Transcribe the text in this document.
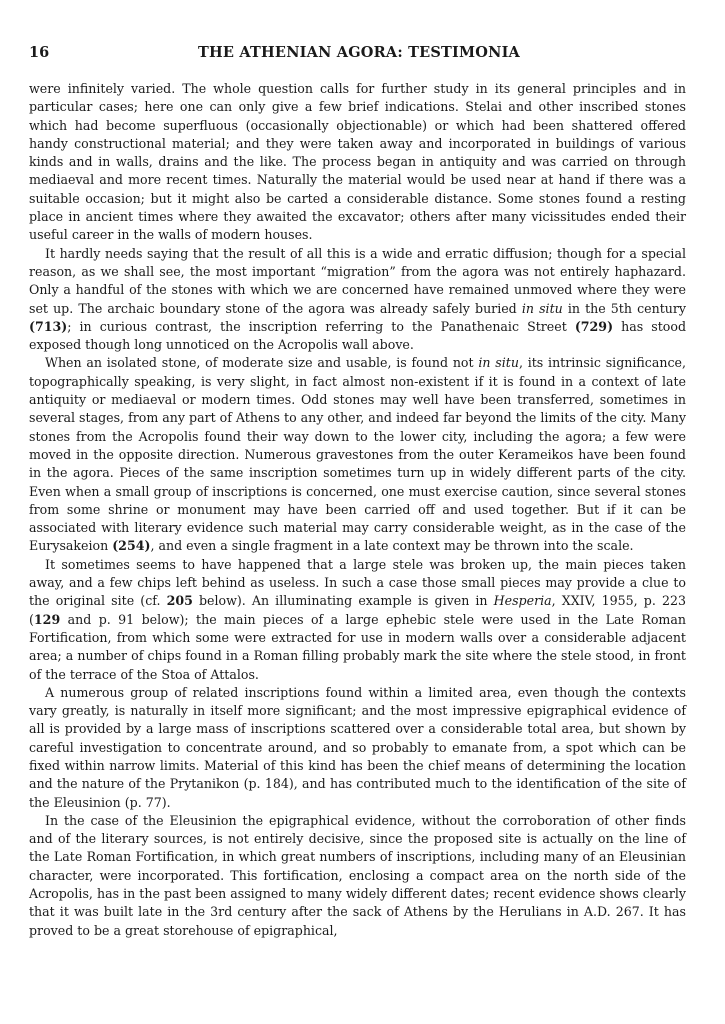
16	THE ATHENIAN AGORA: TESTIMONIA

were infinitely varied. The whole question calls for further study in its general principles and in particular cases; here one can only give a few brief indications. Stelai and other inscribed stones which had become superfluous (occasionally objectionable) or which had been shattered offered handy constructional material; and they were taken away and incorporated in buildings of various kinds and in walls, drains and the like. The process began in antiquity and was carried on through mediaeval and more recent times. Naturally the material would be used near at hand if there was a suitable occasion; but it might also be carted a considerable distance. Some stones found a resting place in ancient times where they awaited the excavator; others after many vicissitudes ended their useful career in the walls of modern houses.

It hardly needs saying that the result of all this is a wide and erratic diffusion; though for a special reason, as we shall see, the most important “migration” from the agora was not entirely haphazard. Only a handful of the stones with which we are concerned have remained unmoved where they were set up. The archaic boundary stone of the agora was already safely buried in situ in the 5th century (713); in curious contrast, the inscription referring to the Panathenaic Street (729) has stood exposed though long unnoticed on the Acropolis wall above.

When an isolated stone, of moderate size and usable, is found not in situ, its intrinsic significance, topographically speaking, is very slight, in fact almost non-existent if it is found in a context of late antiquity or mediaeval or modern times. Odd stones may well have been transferred, sometimes in several stages, from any part of Athens to any other, and indeed far beyond the limits of the city. Many stones from the Acropolis found their way down to the lower city, including the agora; a few were moved in the opposite direction. Numerous gravestones from the outer Kerameikos have been found in the agora. Pieces of the same inscription sometimes turn up in widely different parts of the city. Even when a small group of inscriptions is concerned, one must exercise caution, since several stones from some shrine or monument may have been carried off and used together. But if it can be associated with literary evidence such material may carry considerable weight, as in the case of the Eurysakeion (254), and even a single fragment in a late context may be thrown into the scale.

It sometimes seems to have happened that a large stele was broken up, the main pieces taken away, and a few chips left behind as useless. In such a case those small pieces may provide a clue to the original site (cf. 205 below). An illuminating example is given in Hesperia, XXIV, 1955, p. 223 (129 and p. 91 below); the main pieces of a large ephebic stele were used in the Late Roman Fortification, from which some were extracted for use in modern walls over a considerable adjacent area; a number of chips found in a Roman filling probably mark the site where the stele stood, in front of the terrace of the Stoa of Attalos.

A numerous group of related inscriptions found within a limited area, even though the contexts vary greatly, is naturally in itself more significant; and the most impressive epigraphical evidence of all is provided by a large mass of inscriptions scattered over a considerable total area, but shown by careful investigation to concentrate around, and so probably to emanate from, a spot which can be fixed within narrow limits. Material of this kind has been the chief means of determining the location and the nature of the Prytanikon (p. 184), and has contributed much to the identification of the site of the Eleusinion (p. 77).

In the case of the Eleusinion the epigraphical evidence, without the corroboration of other finds and of the literary sources, is not entirely decisive, since the proposed site is actually on the line of the Late Roman Fortification, in which great numbers of inscriptions, including many of an Eleusinian character, were incorporated. This fortification, enclosing a compact area on the north side of the Acropolis, has in the past been assigned to many widely different dates; recent evidence shows clearly that it was built late in the 3rd century after the sack of Athens by the Herulians in A.D. 267. It has proved to be a great storehouse of epigraphical,
